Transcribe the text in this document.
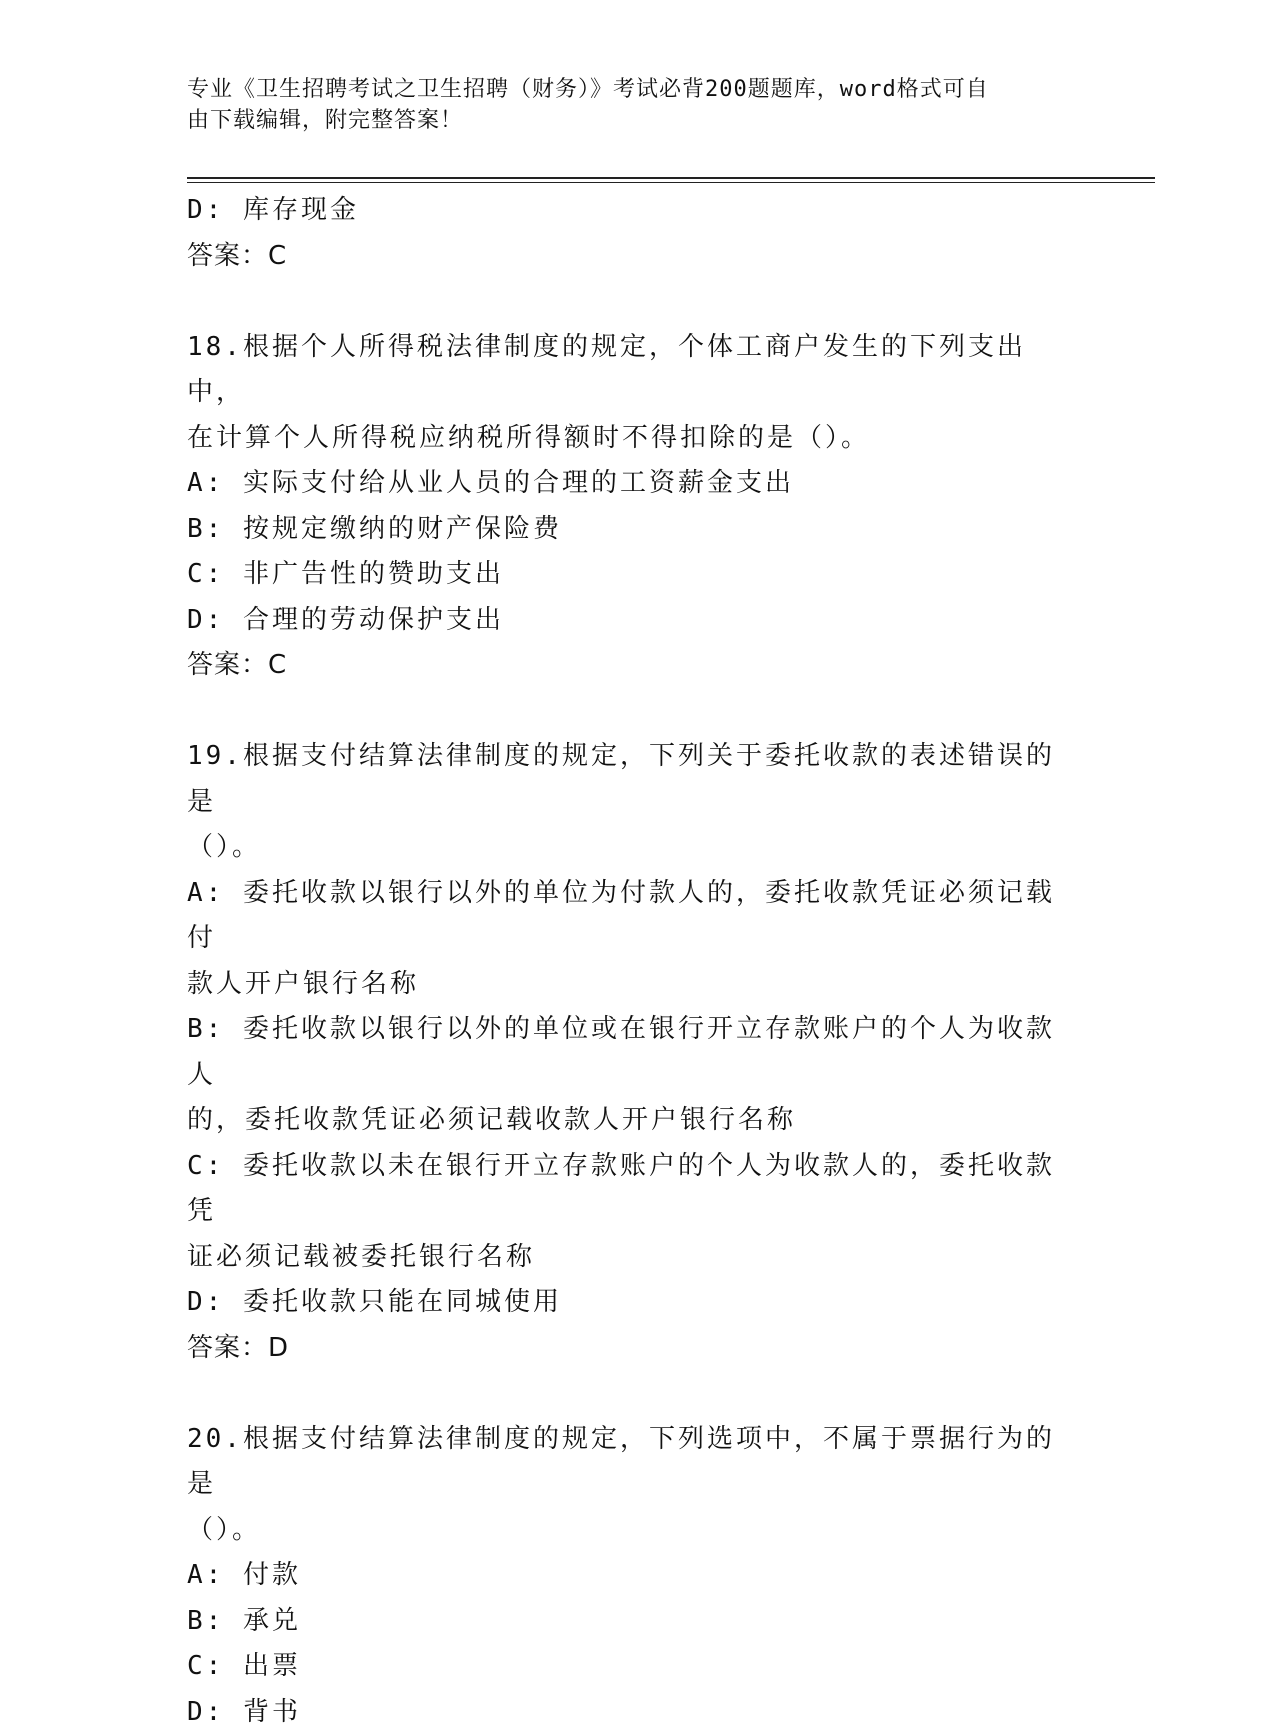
专业《卫生招聘考试之卫生招聘（财务）》考试必背200题题库，word格式可自
由下载编辑，附完整答案！
D: 库存现金
答案：C
18.根据个人所得税法律制度的规定，个体工商户发生的下列支出中，
在计算个人所得税应纳税所得额时不得扣除的是（）。
A: 实际支付给从业人员的合理的工资薪金支出
B: 按规定缴纳的财产保险费
C: 非广告性的赞助支出
D: 合理的劳动保护支出
答案：C
19.根据支付结算法律制度的规定，下列关于委托收款的表述错误的是
（）。
A: 委托收款以银行以外的单位为付款人的，委托收款凭证必须记载付
款人开户银行名称
B: 委托收款以银行以外的单位或在银行开立存款账户的个人为收款人
的，委托收款凭证必须记载收款人开户银行名称
C: 委托收款以未在银行开立存款账户的个人为收款人的，委托收款凭
证必须记载被委托银行名称
D: 委托收款只能在同城使用
答案：D
20.根据支付结算法律制度的规定，下列选项中，不属于票据行为的是
（）。
A: 付款
B: 承兑
C: 出票
D: 背书
